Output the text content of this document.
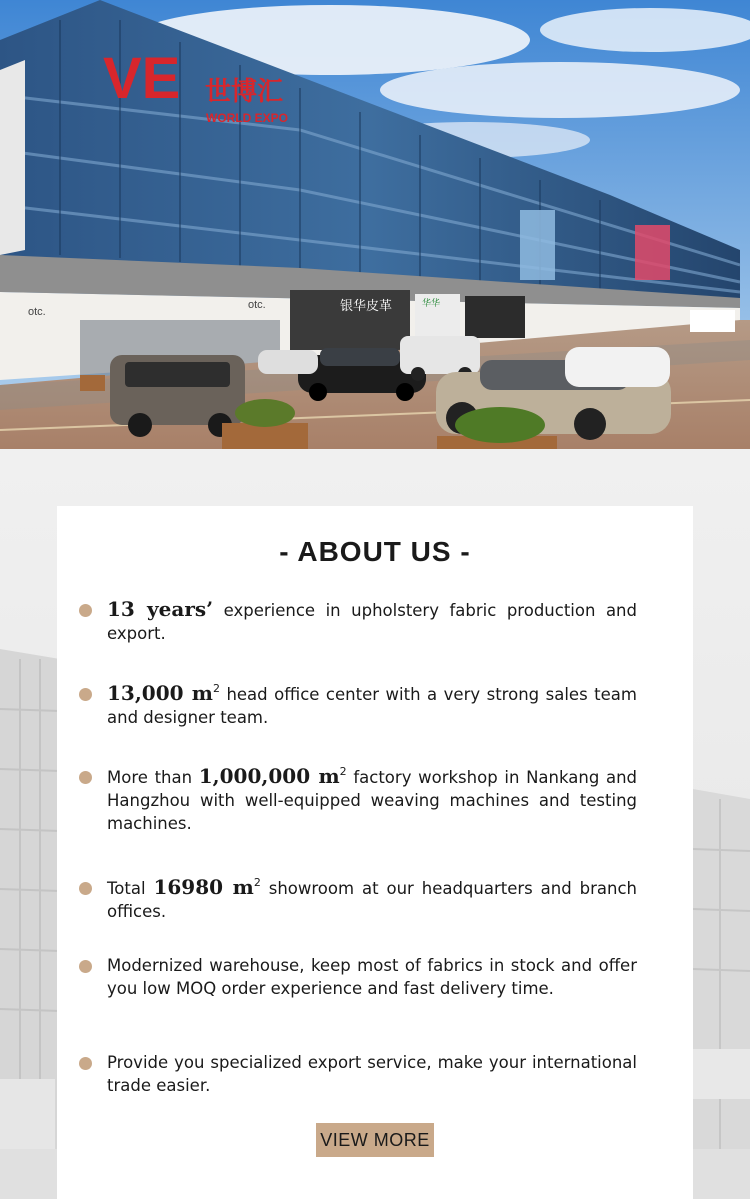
VE 世博汇
WORLD EXPO
otc.
otc.	银华皮革	华华
- ABOUT US -
13 years’ experience in upholstery fabric production and export.
13,000 $m^2$ head office center with a very strong sales team and designer team.
More than 1,000,000 $m^2$ factory workshop in Nankang and Hangzhou with well-equipped weaving machines and testing machines.
Total 16980 $m^2$ showroom at our headquarters and branch offices.
Modernized warehouse, keep most of fabrics in stock and offer you low MOQ order experience and fast delivery time.
Provide you specialized export service, make your international trade easier.
VIEW MORE
